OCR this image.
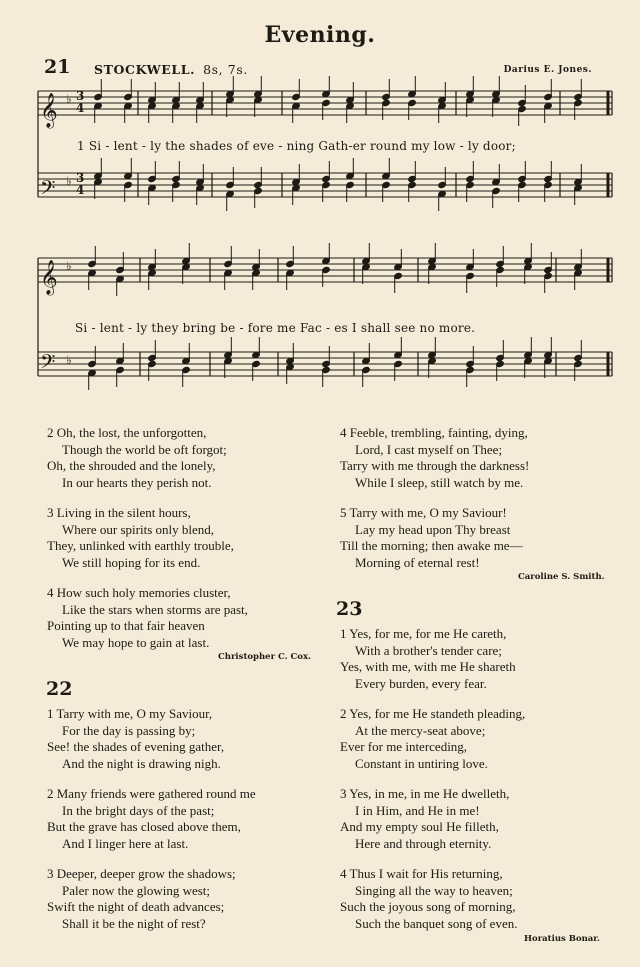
Evening.
21 STOCKWELL. 8s, 7s.	Darius E. Jones.
𝄞
𝄢
𝄞
𝄢
♭
♭
♭
♭
3
4
3
4
1 Si - lent - ly the shades of eve - ning Gath-er round my low - ly door;
Si - lent - ly they bring be - fore me Fac - es I shall see no more.
2 Oh, the lost, the unforgotten,
Though the world be oft forgot;
Oh, the shrouded and the lonely,
In our hearts they perish not.
3 Living in the silent hours,
Where our spirits only blend,
They, unlinked with earthly trouble,
We still hoping for its end.
4 How such holy memories cluster,
Like the stars when storms are past,
Pointing up to that fair heaven
We may hope to gain at last.
Christopher C. Cox.
22
1 Tarry with me, O my Saviour,
For the day is passing by;
See! the shades of evening gather,
And the night is drawing nigh.
2 Many friends were gathered round me
In the bright days of the past;
But the grave has closed above them,
And I linger here at last.
3 Deeper, deeper grow the shadows;
Paler now the glowing west;
Swift the night of death advances;
Shall it be the night of rest?
4 Feeble, trembling, fainting, dying,
Lord, I cast myself on Thee;
Tarry with me through the darkness!
While I sleep, still watch by me.
5 Tarry with me, O my Saviour!
Lay my head upon Thy breast
Till the morning; then awake me—
Morning of eternal rest!
Caroline S. Smith.
23
1 Yes, for me, for me He careth,
With a brother's tender care;
Yes, with me, with me He shareth
Every burden, every fear.
2 Yes, for me He standeth pleading,
At the mercy-seat above;
Ever for me interceding,
Constant in untiring love.
3 Yes, in me, in me He dwelleth,
I in Him, and He in me!
And my empty soul He filleth,
Here and through eternity.
4 Thus I wait for His returning,
Singing all the way to heaven;
Such the joyous song of morning,
Such the banquet song of even.
Horatius Bonar.
